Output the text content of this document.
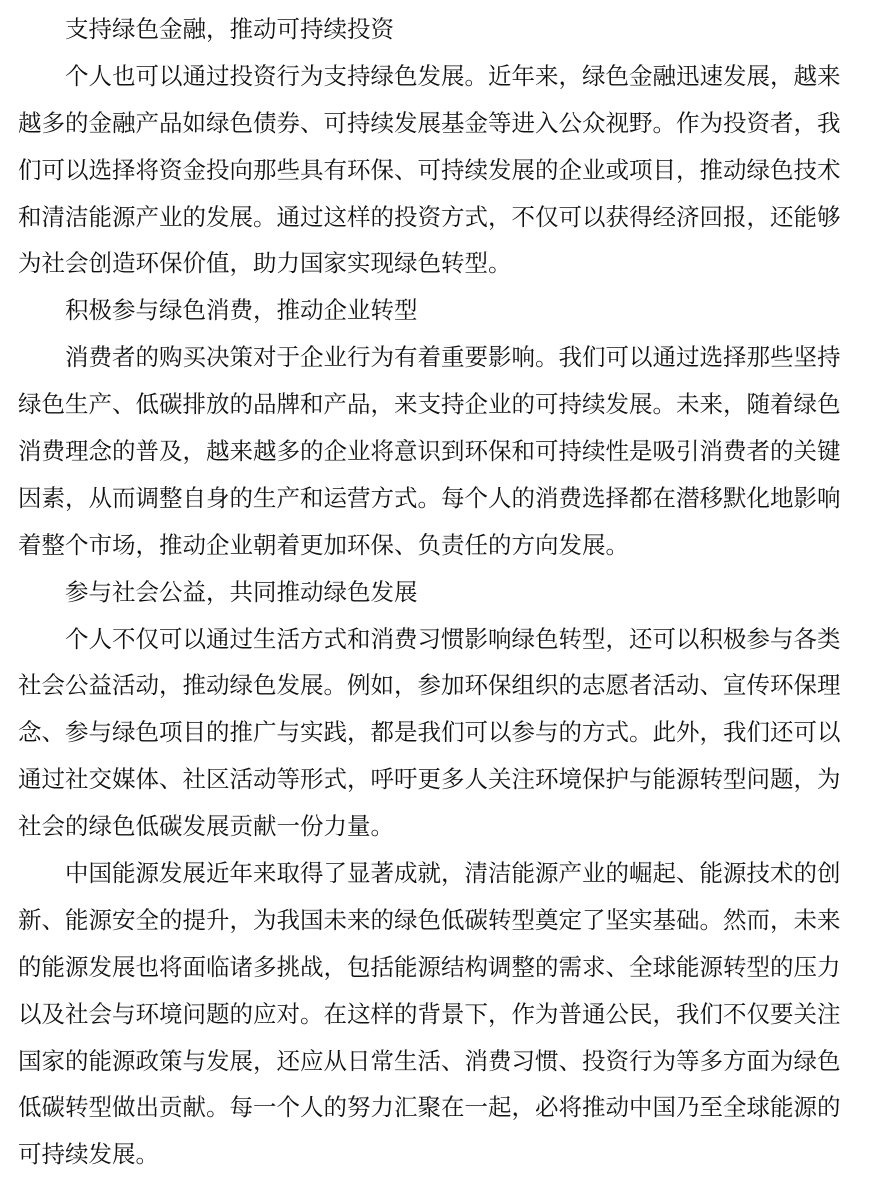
支持绿色金融，推动可持续投资
个人也可以通过投资行为支持绿色发展。近年来，绿色金融迅速发展，越来
越多的金融产品如绿色债券、可持续发展基金等进入公众视野。作为投资者，我
们可以选择将资金投向那些具有环保、可持续发展的企业或项目，推动绿色技术
和清洁能源产业的发展。通过这样的投资方式，不仅可以获得经济回报，还能够
为社会创造环保价值，助力国家实现绿色转型。
积极参与绿色消费，推动企业转型
消费者的购买决策对于企业行为有着重要影响。我们可以通过选择那些坚持
绿色生产、低碳排放的品牌和产品，来支持企业的可持续发展。未来，随着绿色
消费理念的普及，越来越多的企业将意识到环保和可持续性是吸引消费者的关键
因素，从而调整自身的生产和运营方式。每个人的消费选择都在潜移默化地影响
着整个市场，推动企业朝着更加环保、负责任的方向发展。
参与社会公益，共同推动绿色发展
个人不仅可以通过生活方式和消费习惯影响绿色转型，还可以积极参与各类
社会公益活动，推动绿色发展。例如，参加环保组织的志愿者活动、宣传环保理
念、参与绿色项目的推广与实践，都是我们可以参与的方式。此外，我们还可以
通过社交媒体、社区活动等形式，呼吁更多人关注环境保护与能源转型问题，为
社会的绿色低碳发展贡献一份力量。
中国能源发展近年来取得了显著成就，清洁能源产业的崛起、能源技术的创
新、能源安全的提升，为我国未来的绿色低碳转型奠定了坚实基础。然而，未来
的能源发展也将面临诸多挑战，包括能源结构调整的需求、全球能源转型的压力
以及社会与环境问题的应对。在这样的背景下，作为普通公民，我们不仅要关注
国家的能源政策与发展，还应从日常生活、消费习惯、投资行为等多方面为绿色
低碳转型做出贡献。每一个人的努力汇聚在一起，必将推动中国乃至全球能源的
可持续发展。
